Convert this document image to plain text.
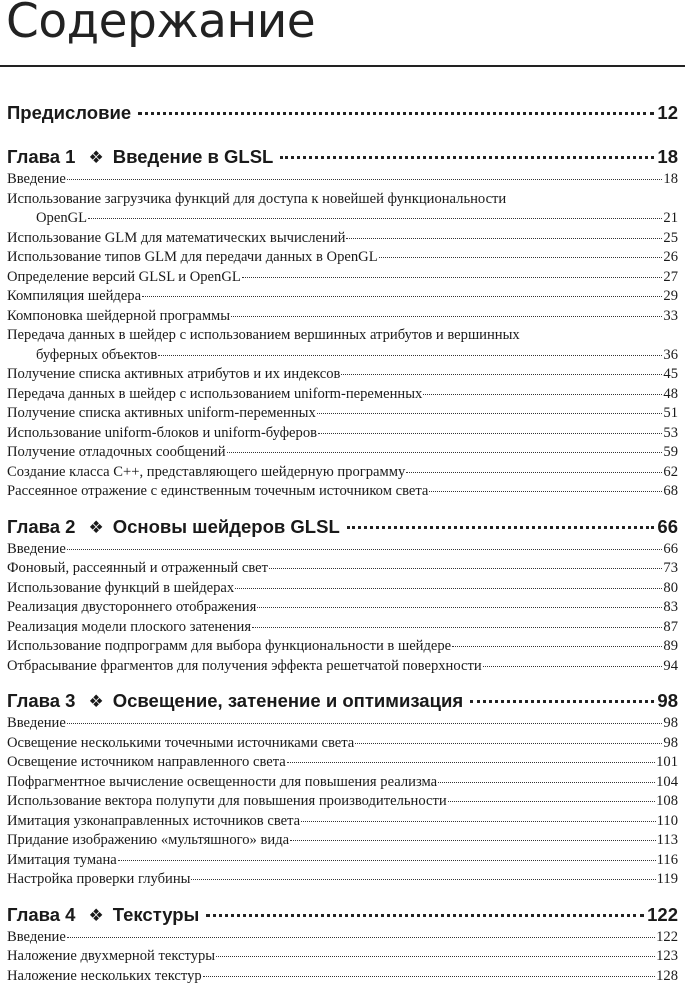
Содержание
Предисловие	12
Глава 1 ❖ Введение в GLSL	18
Введение	18
Использование загрузчика функций для доступа к новейшей функциональности
OpenGL	21
Использование GLM для математических вычислений	25
Использование типов GLM для передачи данных в OpenGL	26
Определение версий GLSL и OpenGL	27
Компиляция шейдера	29
Компоновка шейдерной программы	33
Передача данных в шейдер с использованием вершинных атрибутов и вершинных
буферных объектов	36
Получение списка активных атрибутов и их индексов	45
Передача данных в шейдер с использованием uniform-переменных	48
Получение списка активных uniform-переменных	51
Использование uniform-блоков и uniform-буферов	53
Получение отладочных сообщений	59
Создание класса C++, представляющего шейдерную программу	62
Рассеянное отражение с единственным точечным источником света	68
Глава 2 ❖ Основы шейдеров GLSL	66
Введение	66
Фоновый, рассеянный и отраженный свет	73
Использование функций в шейдерах	80
Реализация двустороннего отображения	83
Реализация модели плоского затенения	87
Использование подпрограмм для выбора функциональности в шейдере	89
Отбрасывание фрагментов для получения эффекта решетчатой поверхности	94
Глава 3 ❖ Освещение, затенение и оптимизация	98
Введение	98
Освещение несколькими точечными источниками света	98
Освещение источником направленного света	101
Пофрагментное вычисление освещенности для повышения реализма	104
Использование вектора полупути для повышения производительности	108
Имитация узконаправленных источников света	110
Придание изображению «мультяшного» вида	113
Имитация тумана	116
Настройка проверки глубины	119
Глава 4 ❖ Текстуры	122
Введение	122
Наложение двухмерной текстуры	123
Наложение нескольких текстур	128
